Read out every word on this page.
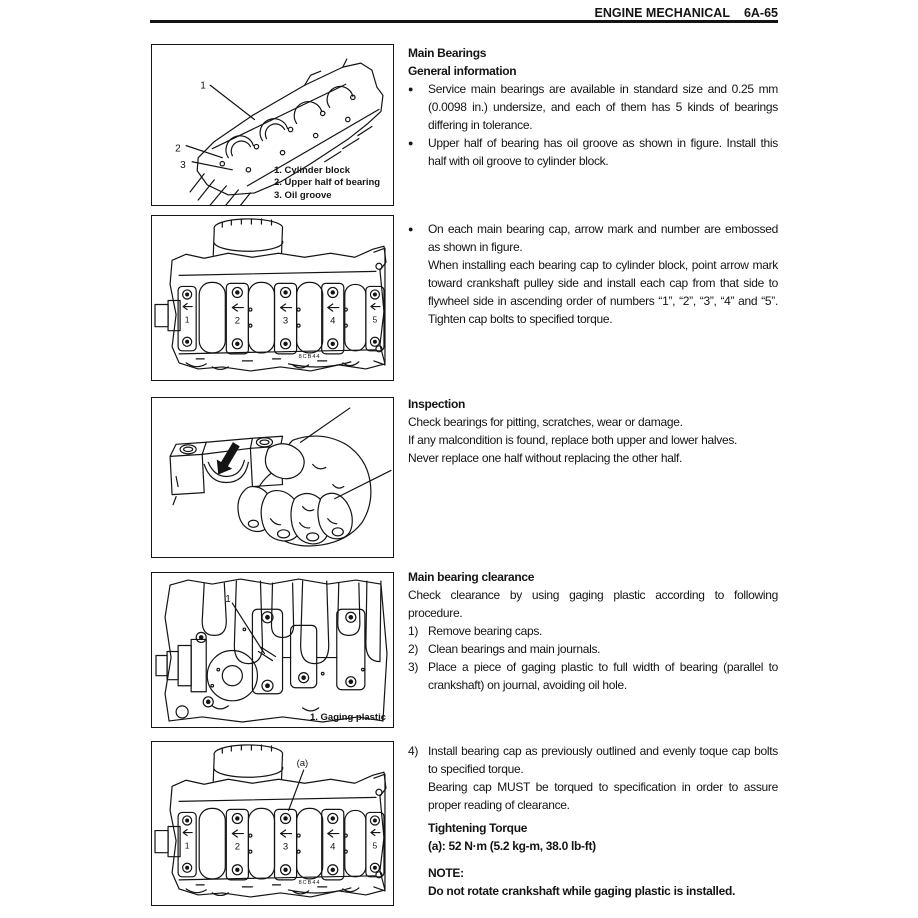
ENGINE MECHANICAL 6A-65
1
2
3	1. Cylinder block
2. Upper half of bearing
3. Oil groove
1
1. Gaging plastic
(a)
Main Bearings
General information
●	Service main bearings are available in standard size and 0.25 mm (0.0098 in.) undersize, and each of them has 5 kinds of bearings differing in tolerance.
●	Upper half of bearing has oil groove as shown in figure. Install this half with oil groove to cylinder block.
●	On each main bearing cap, arrow mark and number are embossed as shown in figure.
When installing each bearing cap to cylinder block, point arrow mark toward crankshaft pulley side and install each cap from that side to flywheel side in ascending order of numbers “1”, “2”, “3”, “4” and “5”. Tighten cap bolts to specified torque.
Inspection
Check bearings for pitting, scratches, wear or damage.
If any malcondition is found, replace both upper and lower halves.
Never replace one half without replacing the other half.
Main bearing clearance
Check clearance by using gaging plastic according to following procedure.
1) Remove bearing caps.
2) Clean bearings and main journals.
3) Place a piece of gaging plastic to full width of bearing (parallel to crankshaft) on journal, avoiding oil hole.
4) Install bearing cap as previously outlined and evenly toque cap bolts to specified torque.
Bearing cap MUST be torqued to specification in order to assure proper reading of clearance.
Tightening Torque
(a): 52 N·m (5.2 kg-m, 38.0 lb-ft)
NOTE:
Do not rotate crankshaft while gaging plastic is installed.
